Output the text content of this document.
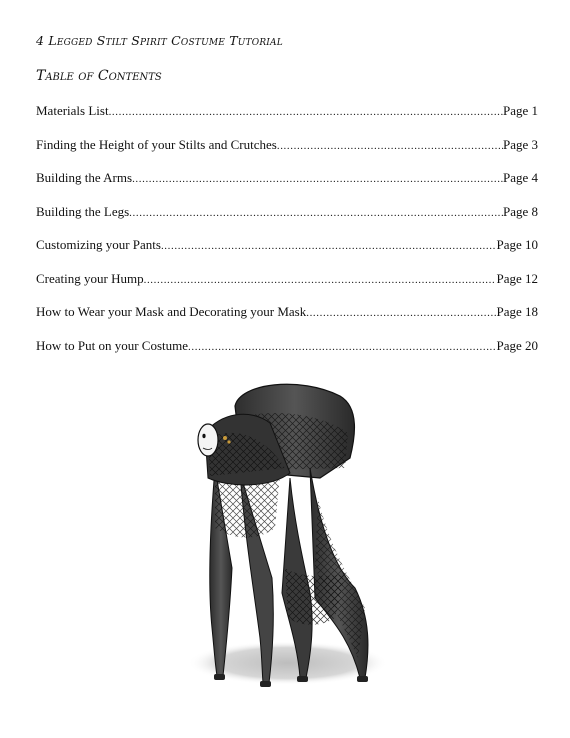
4 Legged Stilt Spirit Costume Tutorial
Table of Contents
Materials List .....	Page 1
Finding the Height of your Stilts and Crutches .....	Page 3
Building the Arms .....	Page 4
Building the Legs .....	Page 8
Customizing your Pants .....	Page 10
Creating your Hump .....	Page 12
How to Wear your Mask and Decorating your Mask .....	Page 18
How to Put on your Costume .....	Page 20
